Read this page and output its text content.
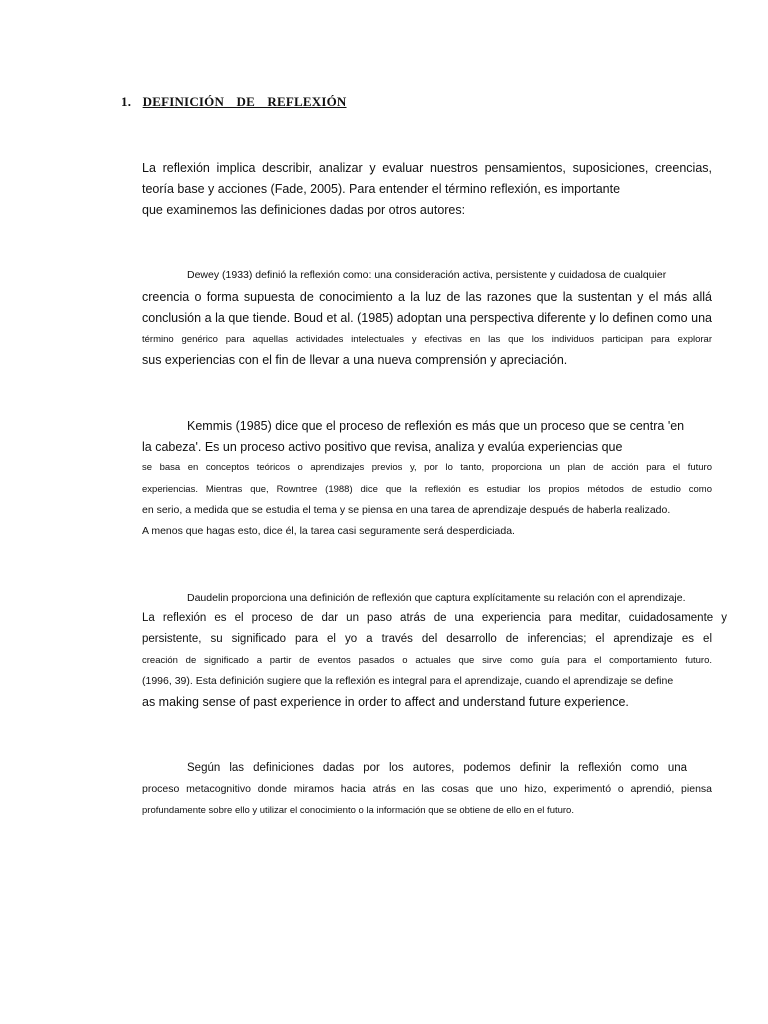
1. DEFINICIÓN DE REFLEXIÓN
La reflexión implica describir, analizar y evaluar nuestros pensamientos, suposiciones, creencias,
teoría base y acciones (Fade, 2005). Para entender el término reflexión, es importante
que examinemos las definiciones dadas por otros autores:
Dewey (1933) definió la reflexión como: una consideración activa, persistente y cuidadosa de cualquier
creencia o forma supuesta de conocimiento a la luz de las razones que la sustentan y el más allá
conclusión a la que tiende. Boud et al. (1985) adoptan una perspectiva diferente y lo definen como una
término genérico para aquellas actividades intelectuales y efectivas en las que los individuos participan para explorar
sus experiencias con el fin de llevar a una nueva comprensión y apreciación.
Kemmis (1985) dice que el proceso de reflexión es más que un proceso que se centra 'en
la cabeza'. Es un proceso activo positivo que revisa, analiza y evalúa experiencias que
se basa en conceptos teóricos o aprendizajes previos y, por lo tanto, proporciona un plan de acción para el futuro
experiencias. Mientras que, Rowntree (1988) dice que la reflexión es estudiar los propios métodos de estudio como
en serio, a medida que se estudia el tema y se piensa en una tarea de aprendizaje después de haberla realizado.
A menos que hagas esto, dice él, la tarea casi seguramente será desperdiciada.
Daudelin proporciona una definición de reflexión que captura explícitamente su relación con el aprendizaje.
La reflexión es el proceso de dar un paso atrás de una experiencia para meditar, cuidadosamente y
persistente, su significado para el yo a través del desarrollo de inferencias; el aprendizaje es el
creación de significado a partir de eventos pasados o actuales que sirve como guía para el comportamiento futuro.
(1996, 39). Esta definición sugiere que la reflexión es integral para el aprendizaje, cuando el aprendizaje se define
as making sense of past experience in order to affect and understand future experience.
Según las definiciones dadas por los autores, podemos definir la reflexión como una
proceso metacognitivo donde miramos hacia atrás en las cosas que uno hizo, experimentó o aprendió, piensa
profundamente sobre ello y utilizar el conocimiento o la información que se obtiene de ello en el futuro.
